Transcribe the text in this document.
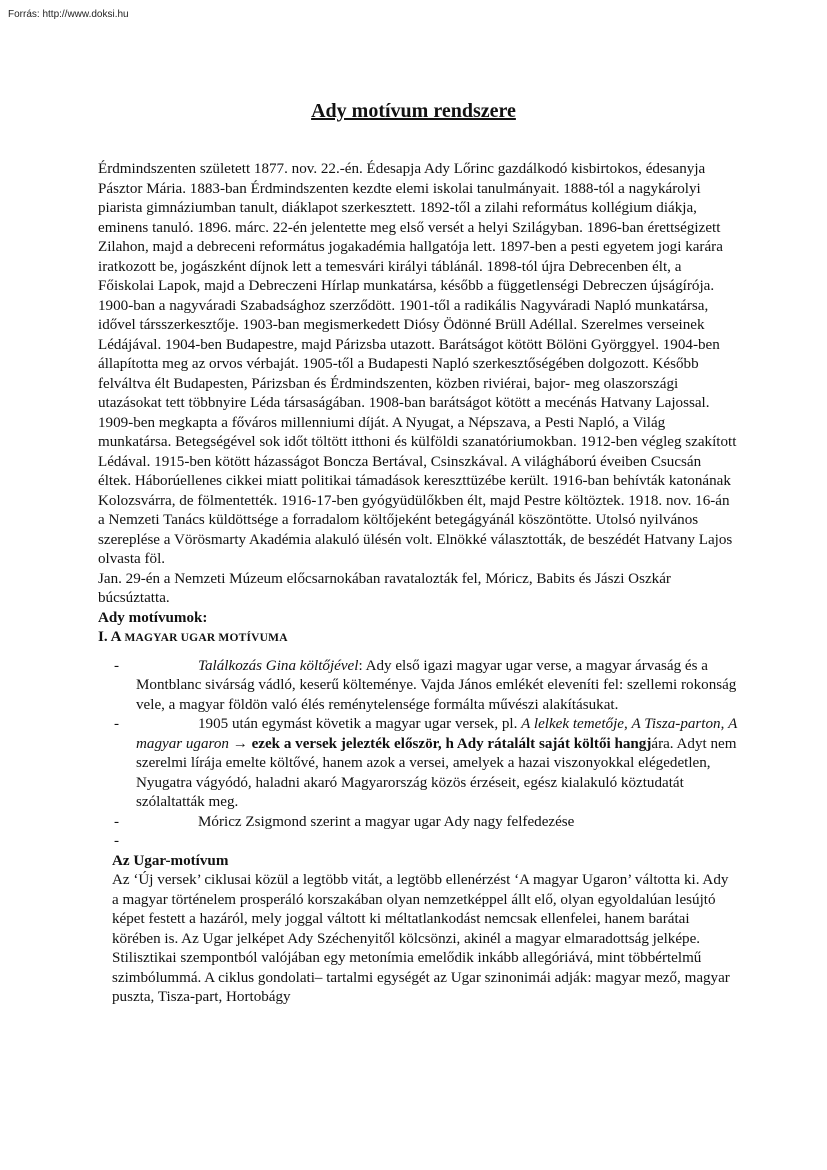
Forrás: http://www.doksi.hu
Ady motívum rendszere

Érdmindszenten született 1877. nov. 22.-én. Édesapja Ady Lőrinc gazdálkodó kisbirtokos, édesanyja Pásztor Mária. 1883-ban Érdmindszenten kezdte elemi iskolai tanulmányait. 1888-tól a nagykárolyi piarista gimnáziumban tanult, diáklapot szerkesztett. 1892-től a zilahi református kollégium diákja, eminens tanuló. 1896. márc. 22-én jelentette meg első versét a helyi Szilágyban. 1896-ban érettségizett Zilahon, majd a debreceni református jogakadémia hallgatója lett. 1897-ben a pesti egyetem jogi karára iratkozott be, jogászként díjnok lett a temesvári királyi táblánál. 1898-tól újra Debrecenben élt, a Főiskolai Lapok, majd a Debreczeni Hírlap munkatársa, később a függetlenségi Debreczen újságírója. 1900-ban a nagyváradi Szabadsághoz szerződött. 1901-től a radikális Nagyváradi Napló munkatársa, idővel társszerkesztője. 1903-ban megismerkedett Diósy Ödönné Brüll Adéllal. Szerelmes verseinek Lédájával. 1904-ben Budapestre, majd Párizsba utazott. Barátságot kötött Bölöni Györggyel. 1904-ben állapította meg az orvos vérbaját. 1905-től a Budapesti Napló szerkesztőségében dolgozott. Később felváltva élt Budapesten, Párizsban és Érdmindszenten, közben riviérai, bajor- meg olaszországi utazásokat tett többnyire Léda társaságában. 1908-ban barátságot kötött a mecénás Hatvany Lajossal. 1909-ben megkapta a főváros millenniumi díját. A Nyugat, a Népszava, a Pesti Napló, a Világ munkatársa. Betegségével sok időt töltött itthoni és külföldi szanatóriumokban. 1912-ben végleg szakított Lédával. 1915-ben kötött házasságot Boncza Bertával, Csinszkával. A világháború éveiben Csucsán éltek. Háborúellenes cikkei miatt politikai támadások kereszttüzébe került. 1916-ban behívták katonának Kolozsvárra, de fölmentették. 1916-17-ben gyógyüdülőkben élt, majd Pestre költöztek. 1918. nov. 16-án a Nemzeti Tanács küldöttsége a forradalom költőjeként betegágyánál köszöntötte. Utolsó nyilvános szereplése a Vörösmarty Akadémia alakuló ülésén volt. Elnökké választották, de beszédét Hatvany Lajos olvasta föl.

Jan. 29-én a Nemzeti Múzeum előcsarnokában ravatalozták fel, Móricz, Babits és Jászi Oszkár búcsúztatta.

Ady motívumok:

I. A MAGYAR UGAR MOTÍVUMA

-	Találkozás Gina költőjével: Ady első igazi magyar ugar verse, a magyar árvaság és a Montblanc sivárság vádló, keserű költeménye. Vajda János emlékét eleveníti fel: szellemi rokonság vele, a magyar földön való élés reménytelensége formálta művészi alakításukat.
-	1905 után egymást követik a magyar ugar versek, pl. A lelkek temetője, A Tisza-parton, A magyar ugaron → ezek a versek jelezték először, h Ady rátalált saját költői hangjára. Adyt nem szerelmi lírája emelte költővé, hanem azok a versei, amelyek a hazai viszonyokkal elégedetlen, Nyugatra vágyódó, haladni akaró Magyarország közös érzéseit, egész kialakuló köztudatát szólaltatták meg.
-	Móricz Zsigmond szerint a magyar ugar Ady nagy felfedezése
-

Az Ugar-motívum

Az ‘Új versek’ ciklusai közül a legtöbb vitát, a legtöbb ellenérzést ‘A magyar Ugaron’ váltotta ki. Ady a magyar történelem prosperáló korszakában olyan nemzetképpel állt elő, olyan egyoldalúan lesújtó képet festett a hazáról, mely joggal váltott ki méltatlankodást nemcsak ellenfelei, hanem barátai körében is. Az Ugar jelképet Ady Széchenyitől kölcsönzi, akinél a magyar elmaradottság jelképe. Stilisztikai szempontból valójában egy metonímia emelődik inkább allegóriává, mint többértelmű szimbólummá. A ciklus gondolati– tartalmi egységét az Ugar szinonimái adják: magyar mező, magyar puszta, Tisza-part, Hortobágy
